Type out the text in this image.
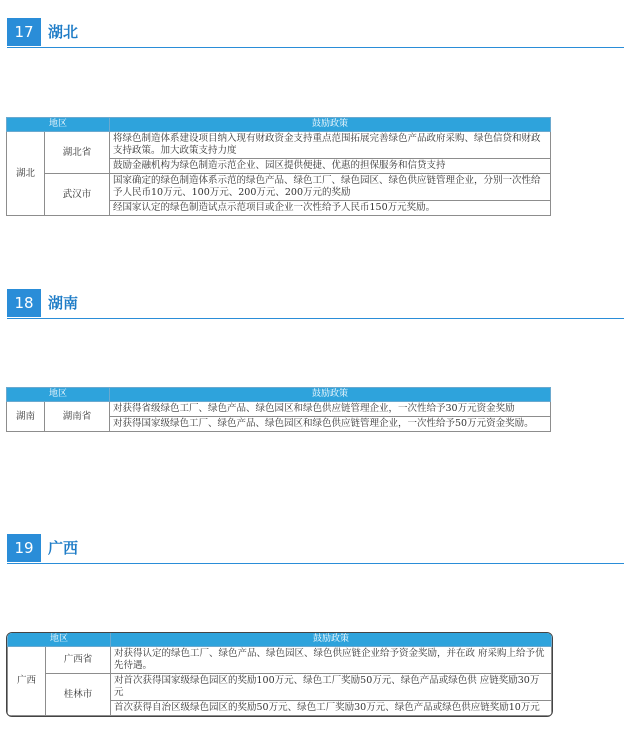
17 湖北
地区		鼓励政策
湖北	湖北省	将绿色制造体系建设项目纳入现有财政资金支持重点范围拓展完善绿色产品政府采购、绿色信贷和财政支持政策。加大政策支持力度
		鼓励金融机构为绿色制造示范企业、园区提供便捷、优惠的担保服务和信贷支持
	武汉市	国家确定的绿色制造体系示范的绿色产品、绿色工厂、绿色园区、绿色供应链管理企业，分别一次性给予人民币10万元、100万元、200万元、200万元的奖励
		经国家认定的绿色制造试点示范项目或企业一次性给予人民币150万元奖励。
18 湖南
地区		鼓励政策
湖南	湖南省	对获得省级绿色工厂、绿色产品、绿色园区和绿色供应链管理企业，一次性给予30万元资金奖励
		对获得国家级绿色工厂、绿色产品、绿色园区和绿色供应链管理企业，一次性给予50万元资金奖励。
19 广西
地区		鼓励政策
广西	广西省	对获得认定的绿色工厂、绿色产品、绿色园区、绿色供应链企业给予资金奖励，并在政 府采购上给予优先待遇。
	桂林市	对首次获得国家级绿色园区的奖励100万元、绿色工厂奖励50万元、绿色产品或绿色供 应链奖励30万元
		首次获得自治区级绿色园区的奖励50万元、绿色工厂奖励30万元、绿色产品或绿色供应链奖励10万元
